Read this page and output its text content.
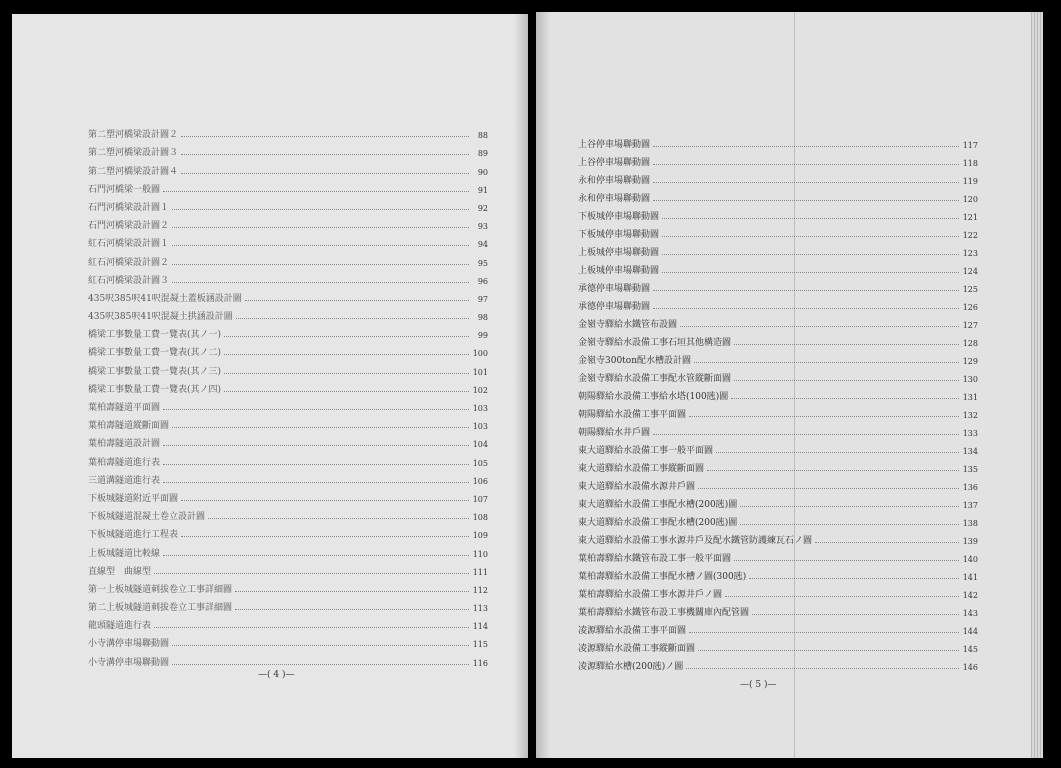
第二塑河橋梁設計圖２	88
第二塑河橋梁設計圖３	89
第二塑河橋梁設計圖４	90
石門河橋梁一般圖	91
石門河橋梁設計圖１	92
石門河橋梁設計圖２	93
紅石河橋梁設計圖１	94
紅石河橋梁設計圖２	95
紅石河橋梁設計圖３	96
435呎385呎41呎混凝土蓋板涵設計圖	97
435呎385呎41呎混凝土拱涵設計圖	98
橋梁工事數量工費一覽表(其ノ一)	99
橋梁工事數量工費一覽表(其ノ二)	100
橋梁工事數量工費一覽表(其ノ三)	101
橋梁工事數量工費一覽表(其ノ四)	102
葉柏壽隧道平面圖	103
葉柏壽隧道縱斷面圖	103
葉柏壽隧道設計圖	104
葉柏壽隧道進行表	105
三道溝隧道進行表	106
下板城隧道附近平面圖	107
下板城隧道混凝土卷立設計圖	108
下板城隧道進行工程表	109
上板城隧道比較線	110
直線型　曲線型	111
第一上板城隧道刺拔卷立工事詳細圖	112
第二上板城隧道刺拔卷立工事詳細圖	113
龍頭隧道進行表	114
小寺溝停車場聯動圖	115
小寺溝停車場聯動圖	116
—( 4 )—
上谷停車場聯動圖	117
上谷停車場聯動圖	118
永和停車場聯動圖	119
永和停車場聯動圖	120
下板城停車場聯動圖	121
下板城停車場聯動圖	122
上板城停車場聯動圖	123
上板城停車場聯動圖	124
承德停車場聯動圖	125
承德停車場聯動圖	126
金嶺寺驛給水鐵管布設圖	127
金嶺寺驛給水設備工事石垣其他構造圖	128
金嶺寺300ton配水槽設計圖	129
金嶺寺驛給水設備工事配水管縱斷面圖	130
朝陽驛給水設備工事給水塔(100瓲)圖	131
朝陽驛給水設備工事平面圖	132
朝陽驛給水井戶圖	133
東大道驛給水設備工事一般平面圖	134
東大道驛給水設備工事縱斷面圖	135
東大道驛給水設備水源井戶圖	136
東大道驛給水設備工事配水槽(200瓲)圖	137
東大道驛給水設備工事配水槽(200瓲)圖	138
東大道驛給水設備工事水源井戶及配水鐵管防護練瓦石ノ圖	139
葉柏壽驛給水鐵管布設工事一般平面圖	140
葉柏壽驛給水設備工事配水槽ノ圖(300瓲)	141
葉柏壽驛給水設備工事水源井戶ノ圖	142
葉柏壽驛給水鐵管布設工事機關庫內配管圖	143
凌源驛給水設備工事平面圖	144
凌源驛給水設備工事縱斷面圖	145
凌源驛給水槽(200瓲)ノ圖	146
—( 5 )—
